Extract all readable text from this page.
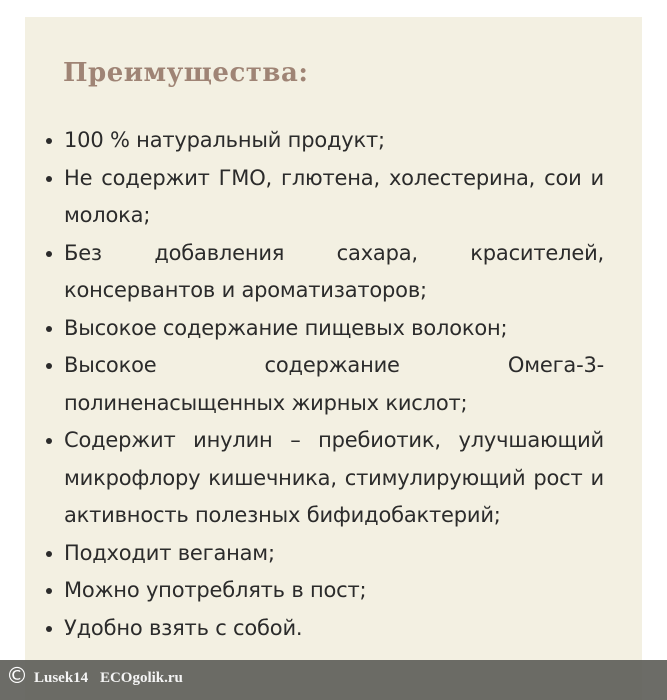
Преимущества:
100 % натуральный продукт;
Не содержит ГМО, глютена, холестерина, сои и молока;
Без добавления сахара, красителей, консервантов и ароматизаторов;
Высокое содержание пищевых волокон;
Высокое содержание Омега-3-полиненасыщенных жирных кислот;
Содержит инулин – пребиотик, улучшающий микрофлору кишечника, стимулирующий рост и активность полезных бифидобактерий;
Подходит веганам;
Можно употреблять в пост;
Удобно взять с собой.
© Lusek14 ECOgolik.ru
